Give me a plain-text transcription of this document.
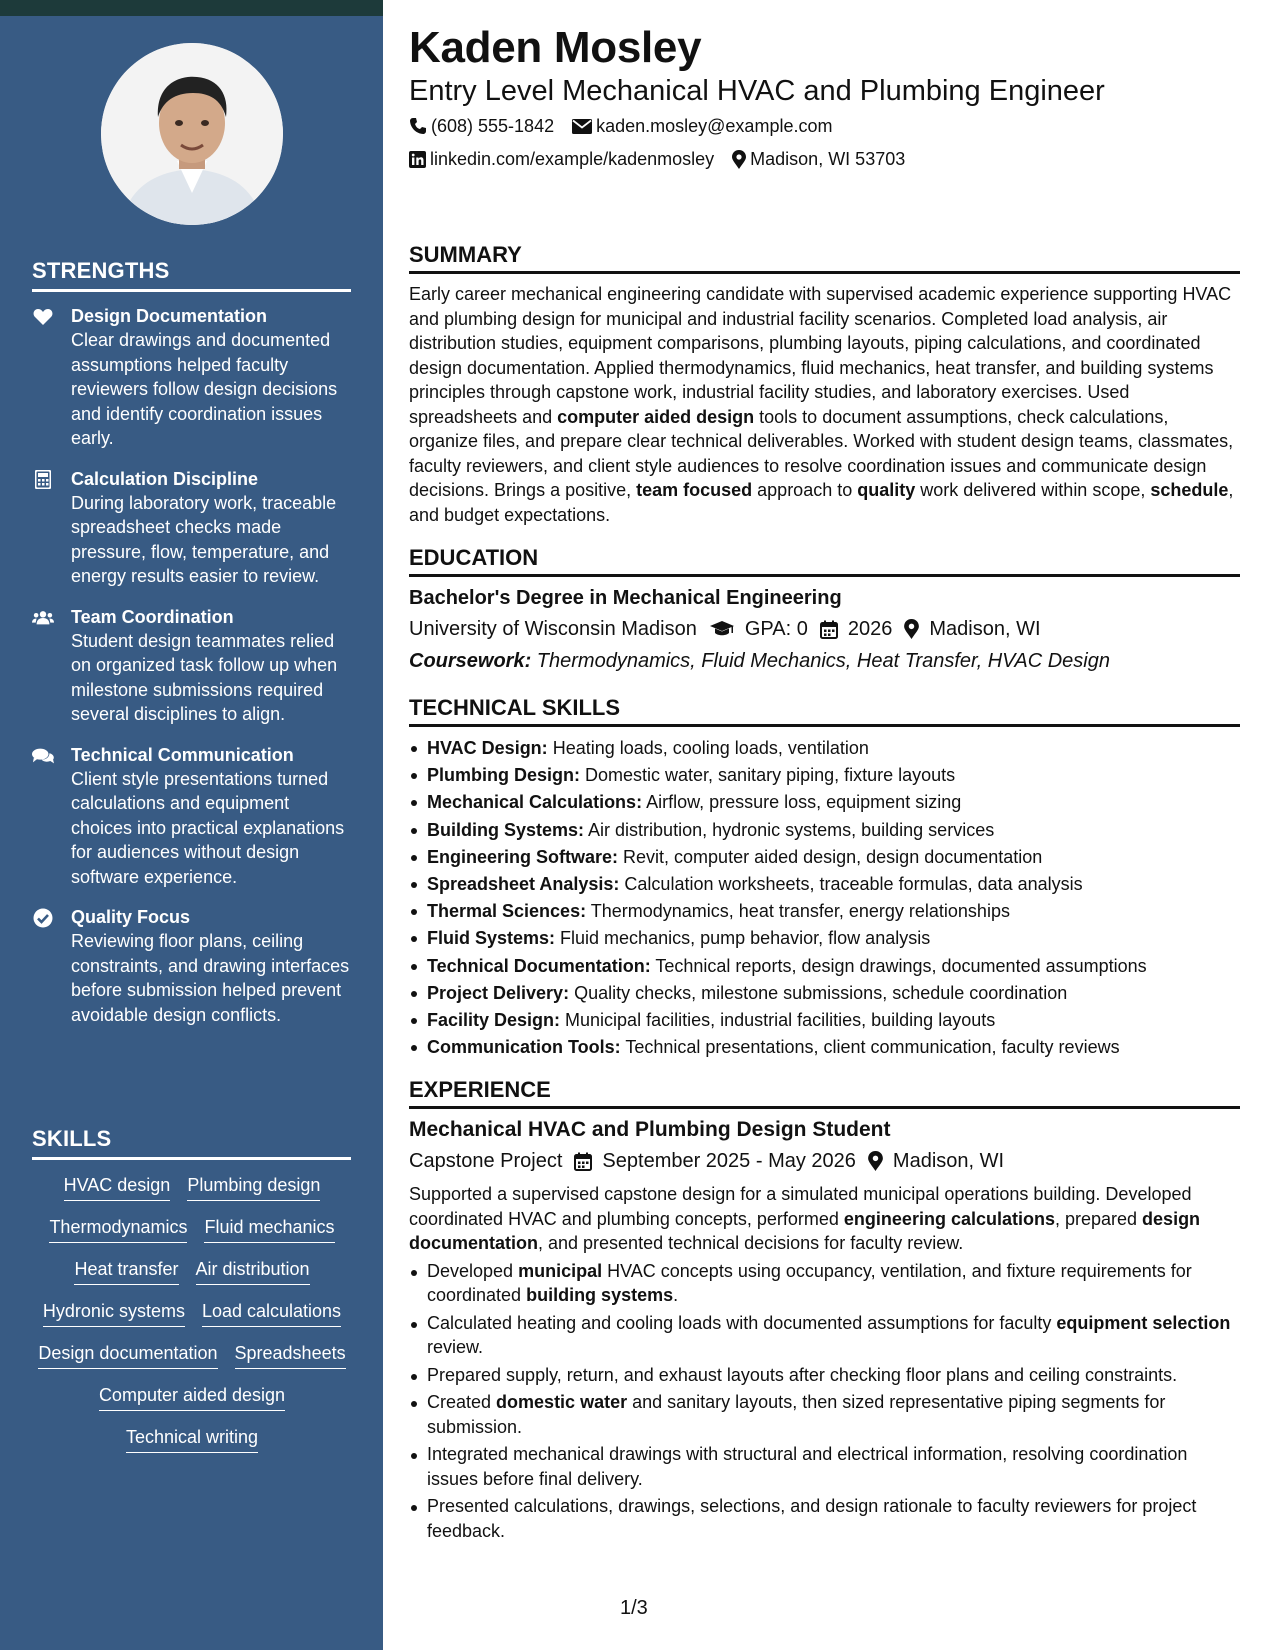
STRENGTHS
Design Documentation
Clear drawings and documented assumptions helped faculty reviewers follow design decisions and identify coordination issues early.
Calculation Discipline
During laboratory work, traceable spreadsheet checks made pressure, flow, temperature, and energy results easier to review.
Team Coordination
Student design teammates relied on organized task follow up when milestone submissions required several disciplines to align.
Technical Communication
Client style presentations turned calculations and equipment choices into practical explanations for audiences without design software experience.
Quality Focus
Reviewing floor plans, ceiling constraints, and drawing interfaces before submission helped prevent avoidable design conflicts.
SKILLS
HVAC design Plumbing design
Thermodynamics Fluid mechanics
Heat transfer Air distribution
Hydronic systems Load calculations
Design documentation Spreadsheets
Computer aided design
Technical writing
Kaden Mosley
Entry Level Mechanical HVAC and Plumbing Engineer
(608) 555-1842 kaden.mosley@example.com
linkedin.com/example/kadenmosley Madison, WI 53703
SUMMARY

Early career mechanical engineering candidate with supervised academic experience supporting HVAC and plumbing design for municipal and industrial facility scenarios. Completed load analysis, air distribution studies, equipment comparisons, plumbing layouts, piping calculations, and coordinated design documentation. Applied thermodynamics, fluid mechanics, heat transfer, and building systems principles through capstone work, industrial facility studies, and laboratory exercises. Used spreadsheets and computer aided design tools to document assumptions, check calculations, organize files, and prepare clear technical deliverables. Worked with student design teams, classmates, faculty reviewers, and client style audiences to resolve coordination issues and communicate design decisions. Brings a positive, team focused approach to quality work delivered within scope, schedule, and budget expectations.

EDUCATION
Bachelor's Degree in Mechanical Engineering
University of Wisconsin Madison GPA: 0 2026 Madison, WI
Coursework: Thermodynamics, Fluid Mechanics, Heat Transfer, HVAC Design
TECHNICAL SKILLS
HVAC Design: Heating loads, cooling loads, ventilation
Plumbing Design: Domestic water, sanitary piping, fixture layouts
Mechanical Calculations: Airflow, pressure loss, equipment sizing
Building Systems: Air distribution, hydronic systems, building services
Engineering Software: Revit, computer aided design, design documentation
Spreadsheet Analysis: Calculation worksheets, traceable formulas, data analysis
Thermal Sciences: Thermodynamics, heat transfer, energy relationships
Fluid Systems: Fluid mechanics, pump behavior, flow analysis
Technical Documentation: Technical reports, design drawings, documented assumptions
Project Delivery: Quality checks, milestone submissions, schedule coordination
Facility Design: Municipal facilities, industrial facilities, building layouts
Communication Tools: Technical presentations, client communication, faculty reviews
EXPERIENCE
Mechanical HVAC and Plumbing Design Student
Capstone Project September 2025 - May 2026 Madison, WI

Supported a supervised capstone design for a simulated municipal operations building. Developed coordinated HVAC and plumbing concepts, performed engineering calculations, prepared design documentation, and presented technical decisions for faculty review.

Developed municipal HVAC concepts using occupancy, ventilation, and fixture requirements for coordinated building systems.
Calculated heating and cooling loads with documented assumptions for faculty equipment selection review.
Prepared supply, return, and exhaust layouts after checking floor plans and ceiling constraints.
Created domestic water and sanitary layouts, then sized representative piping segments for submission.
Integrated mechanical drawings with structural and electrical information, resolving coordination issues before final delivery.
Presented calculations, drawings, selections, and design rationale to faculty reviewers for project feedback.
1/3
